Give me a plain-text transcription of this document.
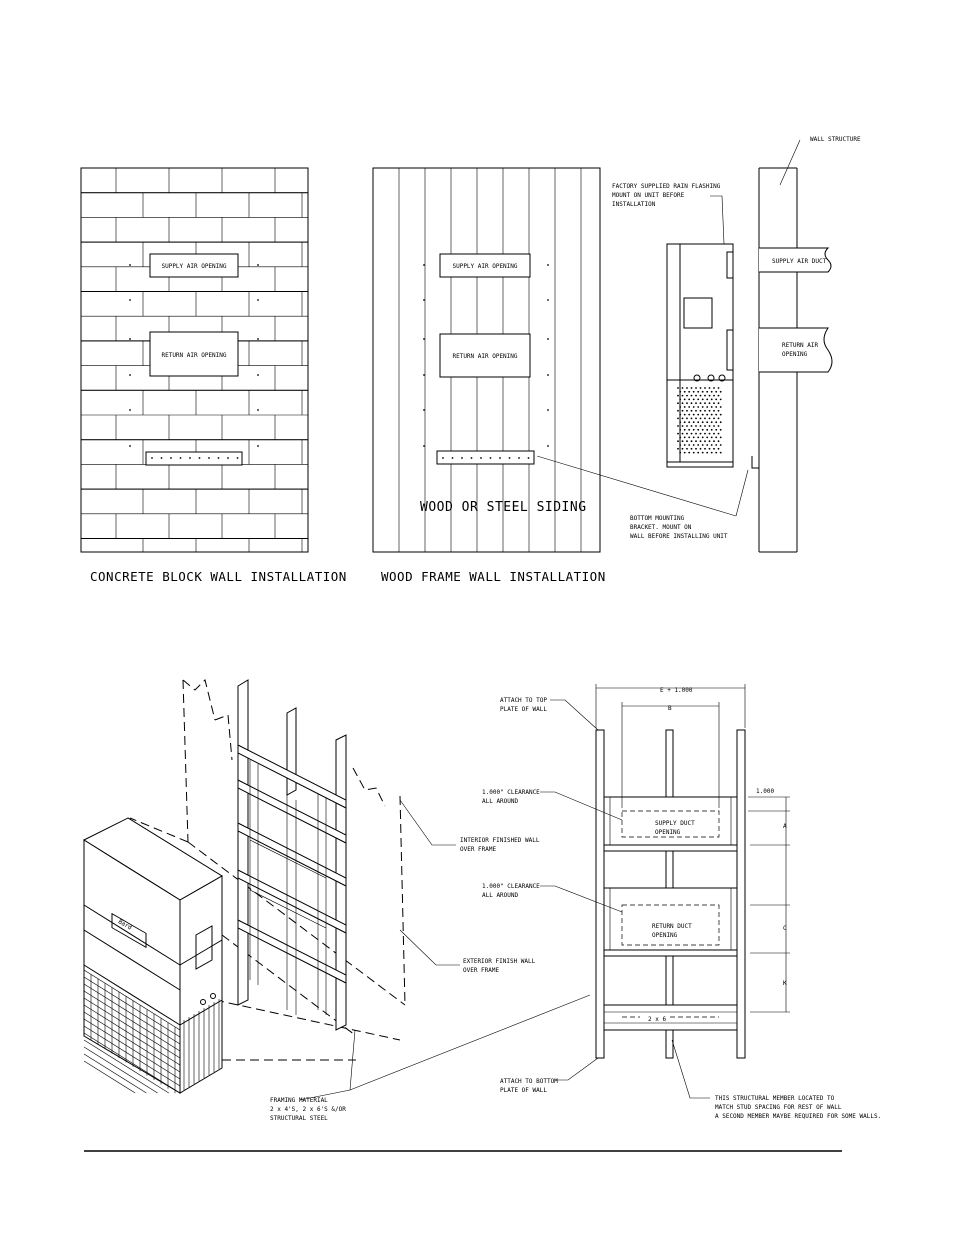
SUPPLY AIR OPENING
RETURN AIR OPENING
CONCRETE BLOCK WALL INSTALLATION
SUPPLY AIR OPENING
RETURN AIR OPENING
WOOD OR STEEL SIDING
WOOD FRAME WALL INSTALLATION
SUPPLY AIR DUCT
RETURN AIR
OPENING
WALL STRUCTURE
FACTORY SUPPLIED RAIN FLASHING
MOUNT ON UNIT BEFORE
INSTALLATION
BOTTOM MOUNTING
BRACKET. MOUNT ON
WALL BEFORE INSTALLING UNIT
Bard
INTERIOR FINISHED WALL
OVER FRAME
EXTERIOR FINISH WALL
OVER FRAME
FRAMING MATERIAL
2 x 4'S, 2 x 6'S &/OR
STRUCTURAL STEEL
SUPPLY DUCT
OPENING
RETURN DUCT
OPENING
2 x 6
E + 1.000
B
1.000
A
C
K
ATTACH TO TOP
PLATE OF WALL
1.000" CLEARANCE
ALL AROUND
1.000" CLEARANCE
ALL AROUND
ATTACH TO BOTTOM
PLATE OF WALL
THIS STRUCTURAL MEMBER LOCATED TO
MATCH STUD SPACING FOR REST OF WALL
A SECOND MEMBER MAYBE REQUIRED FOR SOME WALLS.
